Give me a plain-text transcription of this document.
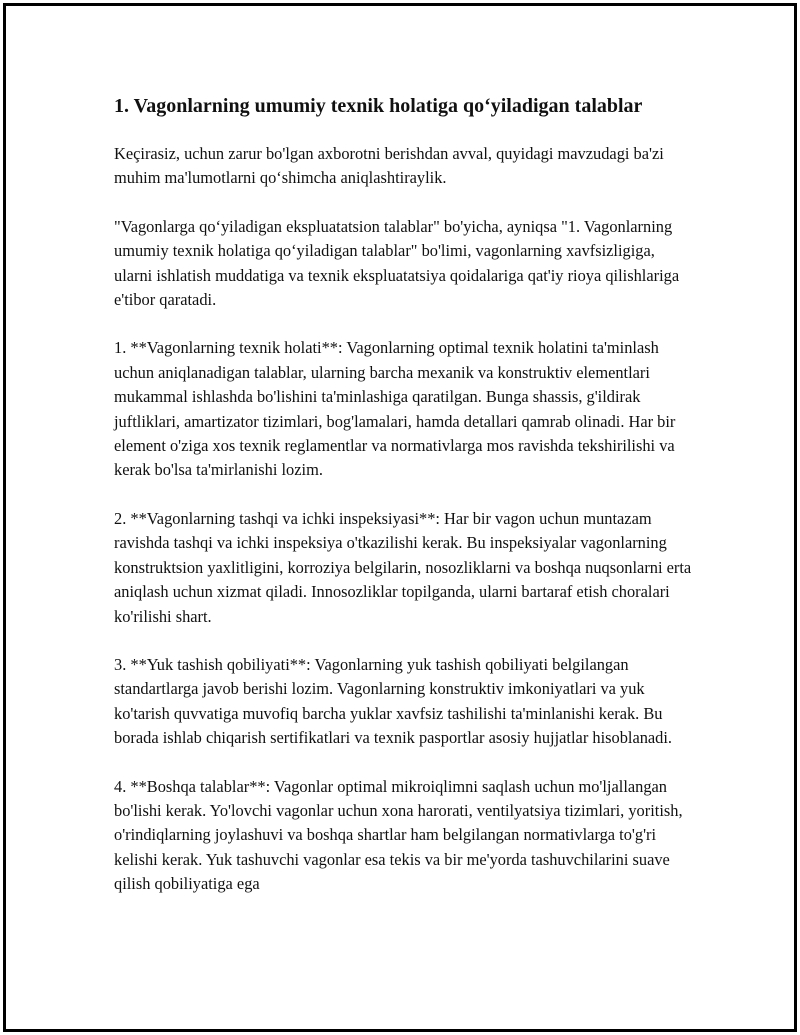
1. Vagonlarning umumiy texnik holatiga qo‘yiladigan talablar

Keçirasiz, uchun zarur bo'lgan axborotni berishdan avval, quyidagi mavzudagi ba'zi muhim ma'lumotlarni qo‘shimcha aniqlashtiraylik.

"Vagonlarga qo‘yiladigan ekspluatatsion talablar" bo'yicha, ayniqsa "1. Vagonlarning umumiy texnik holatiga qo‘yiladigan talablar" bo'limi, vagonlarning xavfsizligiga, ularni ishlatish muddatiga va texnik ekspluatatsiya qoidalariga qat'iy rioya qilishlariga e'tibor qaratadi.

1. **Vagonlarning texnik holati**: Vagonlarning optimal texnik holatini ta'minlash uchun aniqlanadigan talablar, ularning barcha mexanik va konstruktiv elementlari mukammal ishlashda bo'lishini ta'minlashiga qaratilgan. Bunga shassis, g'ildirak juftliklari, amartizator tizimlari, bog'lamalari, hamda detallari qamrab olinadi. Har bir element o'ziga xos texnik reglamentlar va normativlarga mos ravishda tekshirilishi va kerak bo'lsa ta'mirlanishi lozim.

2. **Vagonlarning tashqi va ichki inspeksiyasi**: Har bir vagon uchun muntazam ravishda tashqi va ichki inspeksiya o'tkazilishi kerak. Bu inspeksiyalar vagonlarning konstruktsion yaxlitligini, korroziya belgilarin, nosozliklarni va boshqa nuqsonlarni erta aniqlash uchun xizmat qiladi. Innosozliklar topilganda, ularni bartaraf etish choralari ko'rilishi shart.

3. **Yuk tashish qobiliyati**: Vagonlarning yuk tashish qobiliyati belgilangan standartlarga javob berishi lozim. Vagonlarning konstruktiv imkoniyatlari va yuk ko'tarish quvvatiga muvofiq barcha yuklar xavfsiz tashilishi ta'minlanishi kerak. Bu borada ishlab chiqarish sertifikatlari va texnik pasportlar asosiy hujjatlar hisoblanadi.

4. **Boshqa talablar**: Vagonlar optimal mikroiqlimni saqlash uchun mo'ljallangan bo'lishi kerak. Yo'lovchi vagonlar uchun xona harorati, ventilyatsiya tizimlari, yoritish, o'rindiqlarning joylashuvi va boshqa shartlar ham belgilangan normativlarga to'g'ri kelishi kerak. Yuk tashuvchi vagonlar esa tekis va bir me'yorda tashuvchilarini suave qilish qobiliyatiga ega
